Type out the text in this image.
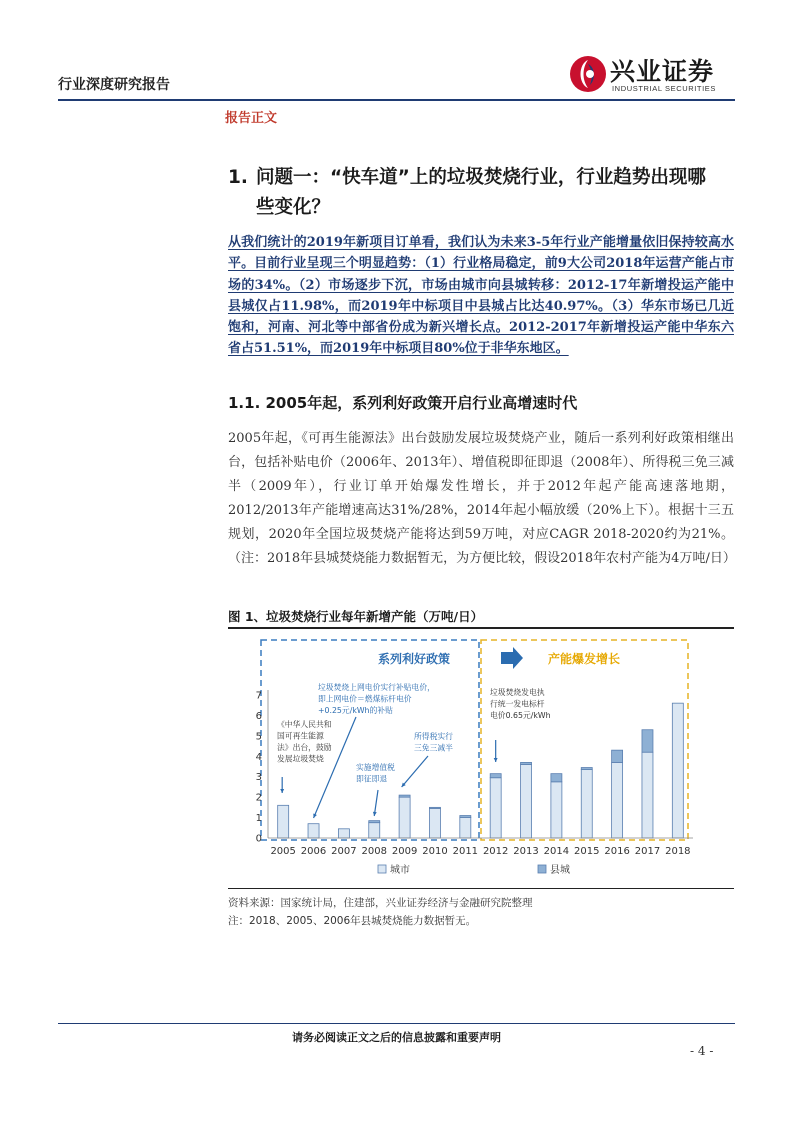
行业深度研究报告	兴业证券
INDUSTRIAL SECURITIES
报告正文
1. 问题一：“快车道”上的垃圾焚烧行业，行业趋势出现哪
些变化？
从我们统计的2019年新项目订单看，我们认为未来3-5年行业产能增量依旧保持较高水平。目前行业呈现三个明显趋势：（1）行业格局稳定，前9大公司2018年运营产能占市场的34%。（2）市场逐步下沉，市场由城市向县城转移：2012-17年新增投运产能中县城仅占11.98%，而2019年中标项目中县城占比达40.97%。（3）华东市场已几近饱和，河南、河北等中部省份成为新兴增长点。2012-2017年新增投运产能中华东六省占51.51%，而2019年中标项目80%位于非华东地区。
1.1. 2005年起，系列利好政策开启行业高增速时代
2005年起，《可再生能源法》出台鼓励发展垃圾焚烧产业，随后一系列利好政策相继出台，包括补贴电价（2006年、2013年）、增值税即征即退（2008年）、所得税三免三减半（2009年），行业订单开始爆发性增长，并于2012年起产能高速落地期，2012/2013年产能增速高达31%/28%，2014年起小幅放缓（20%上下）。根据十三五规划，2020年全国垃圾焚烧产能将达到59万吨，对应CAGR 2018-2020约为21%。（注：2018年县城焚烧能力数据暂无，为方便比较，假设2018年农村产能为4万吨/日）
图 1、垃圾焚烧行业每年新增产能（万吨/日）
系列利好政策	产能爆发增长
0
1
2
3
4
5
6
7
2005 2006 2007 2008 2009 2010 2011 2012 2013 2014 2015 2016 2017 2018
《中华人民共和
国可再生能源
法》出台，鼓励
发展垃圾焚烧
垃圾焚烧上网电价实行补贴电价，
即上网电价＝燃煤标杆电价
+0.25元/kWh的补贴
实施增值税
即征即退
所得税实行
三免三减半
垃圾焚烧发电执
行统一发电标杆
电价0.65元/kWh
城市	县城
资料来源：国家统计局，住建部，兴业证券经济与金融研究院整理
注：2018、2005、2006年县城焚烧能力数据暂无。
请务必阅读正文之后的信息披露和重要声明
- 4 -
